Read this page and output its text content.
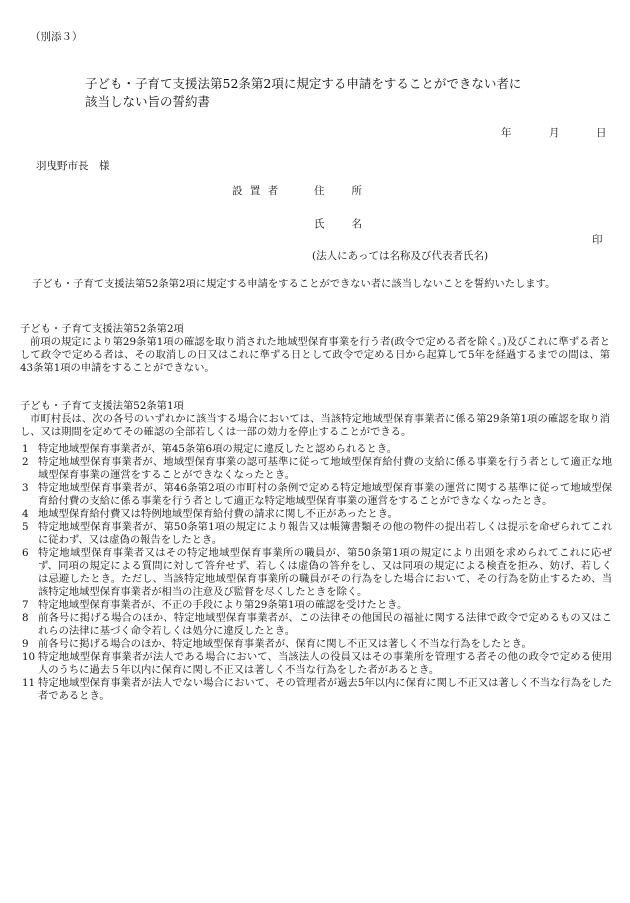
（別添３）
子ども・子育て支援法第52条第2項に規定する申請をすることができない者に
該当しない旨の誓約書
年	月	日
羽曳野市長　様
設 置 者	住　　所
氏　　名
印
(法人にあっては名称及び代表者氏名)
子ども・子育て支援法第52条第2項に規定する申請をすることができない者に該当しないことを誓約いたします。
子ども・子育て支援法第52条第2項
前項の規定により第29条第1項の確認を取り消された地域型保育事業を行う者(政令で定める者を除く。)及びこれに準ずる者として政令で定める者は、その取消しの日又はこれに準ずる日として政令で定める日から起算して5年を経過するまでの間は、第43条第1項の申請をすることができない。
子ども・子育て支援法第52条第1項
市町村長は、次の各号のいずれかに該当する場合においては、当該特定地域型保育事業者に係る第29条第1項の確認を取り消し、又は期間を定めてその確認の全部若しくは一部の効力を停止することができる。
1 特定地域型保育事業者が、第45条第6項の規定に違反したと認められるとき。
2 特定地域型保育事業者が、地域型保育事業の認可基準に従って地域型保育給付費の支給に係る事業を行う者として適正な地域型保育事業の運営をすることができなくなったとき。
3 特定地域型保育事業者が、第46条第2項の市町村の条例で定める特定地域型保育事業の運営に関する基準に従って地域型保育給付費の支給に係る事業を行う者として適正な特定地域型保育事業の運営をすることができなくなったとき。
4 地域型保育給付費又は特例地域型保育給付費の請求に関し不正があったとき。
5 特定地域型保育事業者が、第50条第1項の規定により報告又は帳簿書類その他の物件の提出若しくは提示を命ぜられてこれに従わず、又は虚偽の報告をしたとき。
6 特定地域型保育事業者又はその特定地域型保育事業所の職員が、第50条第1項の規定により出頭を求められてこれに応ぜず、同項の規定による質問に対して答弁せず、若しくは虚偽の答弁をし、又は同項の規定による検査を拒み、妨げ、若しくは忌避したとき。ただし、当該特定地域型保育事業所の職員がその行為をした場合において、その行為を防止するため、当該特定地域型保育事業者が相当の注意及び監督を尽くしたときを除く。
7 特定地域型保育事業者が、不正の手段により第29条第1項の確認を受けたとき。
8 前各号に掲げる場合のほか、特定地域型保育事業者が、この法律その他国民の福祉に関する法律で政令で定めるもの又はこれらの法律に基づく命令若しくは処分に違反したとき。
9 前各号に掲げる場合のほか、特定地域型保育事業者が、保育に関し不正又は著しく不当な行為をしたとき。
10 特定地域型保育事業者が法人である場合において、当該法人の役員又はその事業所を管理する者その他の政令で定める使用人のうちに過去５年以内に保育に関し不正又は著しく不当な行為をした者があるとき。
11 特定地域型保育事業者が法人でない場合において、その管理者が過去5年以内に保育に関し不正又は著しく不当な行為をした者であるとき。
